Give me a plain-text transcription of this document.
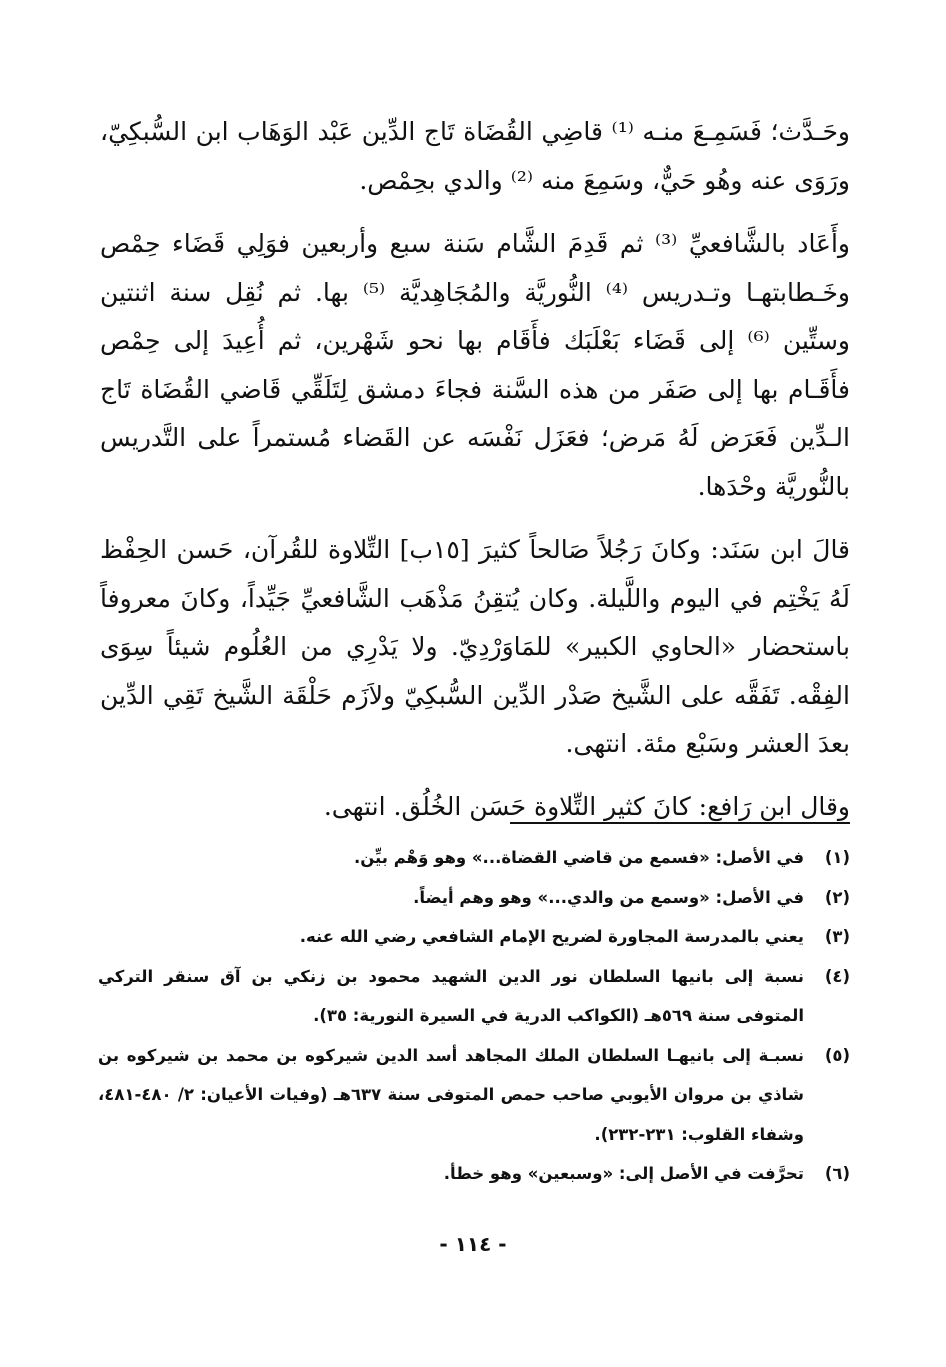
وحَـدَّث؛ فَسَمِـعَ منـه ⁽¹⁾ قاضِي القُضَاة تَاج الدِّين عَبْد الوَهَاب ابن السُّبكِيّ، ورَوَى عنه وهُو حَيٌّ، وسَمِعَ منه ⁽²⁾ والدي بحِمْص.

وأَعَاد بالشَّافعيِّ ⁽³⁾ ثم قَدِمَ الشَّام سَنة سبع وأربعين فوَلِي قَضَاء حِمْص وخَـطابتهـا وتـدريس ⁽⁴⁾ النُّوريَّة والمُجَاهِديَّة ⁽⁵⁾ بها. ثم نُقِل سنة اثنتين وستِّين ⁽⁶⁾ إلى قَضَاء بَعْلَبَك فأَقَام بها نحو شَهْرين، ثم أُعِيدَ إلى حِمْص فأَقَـام بها إلى صَفَر من هذه السَّنة فجاءَ دمشق لِتَلَقِّي قَاضي القُضَاة تَاج الـدِّين فَعَرَض لَهُ مَرض؛ فعَزَل نَفْسَه عن القَضاء مُستمراً على التَّدريس بالنُّوريَّة وحْدَها.

قالَ ابن سَنَد: وكانَ رَجُلاً صَالحاً كثيرَ [١٥ب] التِّلاوة للقُرآن، حَسن الحِفْظ لَهُ يَخْتِم في اليوم واللَّيلة. وكان يُتقِنُ مَذْهَب الشَّافعيِّ جَيِّداً، وكانَ معروفاً باستحضار «الحاوي الكبير» للمَاوَرْدِيّ. ولا يَدْرِي من العُلُوم شيئاً سِوَى الفِقْه. تَفَقَّه على الشَّيخ صَدْر الدِّين السُّبكِيّ ولاَزَم حَلْقَة الشَّيخ تَقِي الدِّين بعدَ العشر وسَبْع مئة. انتهى.

وقال ابن رَافع: كانَ كثير التِّلاوة حَسَن الخُلُق. انتهى.

(١)
في الأصل: «فسمع من قاضي القضاة...» وهو وَهْم بيِّن.
(٢)
في الأصل: «وسمع من والدي...» وهو وهم أيضاً.
(٣)
يعني بالمدرسة المجاورة لضريح الإمام الشافعي رضي الله عنه.
(٤)
نسبة إلى بانيها السلطان نور الدين الشهيد محمود بن زنكي بن آق سنقر التركي المتوفى سنة ٥٦٩هـ (الكواكب الدرية في السيرة النورية: ٣٥).
(٥)
نسبـة إلى بانيهـا السلطان الملك المجاهد أسد الدين شيركوه بن محمد بن شيركوه بن شاذي بن مروان الأيوبي صاحب حمص المتوفى سنة ٦٣٧هـ (وفيات الأعيان: ٢/ ٤٨٠-٤٨١، وشفاء القلوب: ٢٣١-٢٣٢).
(٦)
تحرَّفت في الأصل إلى: «وسبعين» وهو خطأ.
- ١١٤ -
